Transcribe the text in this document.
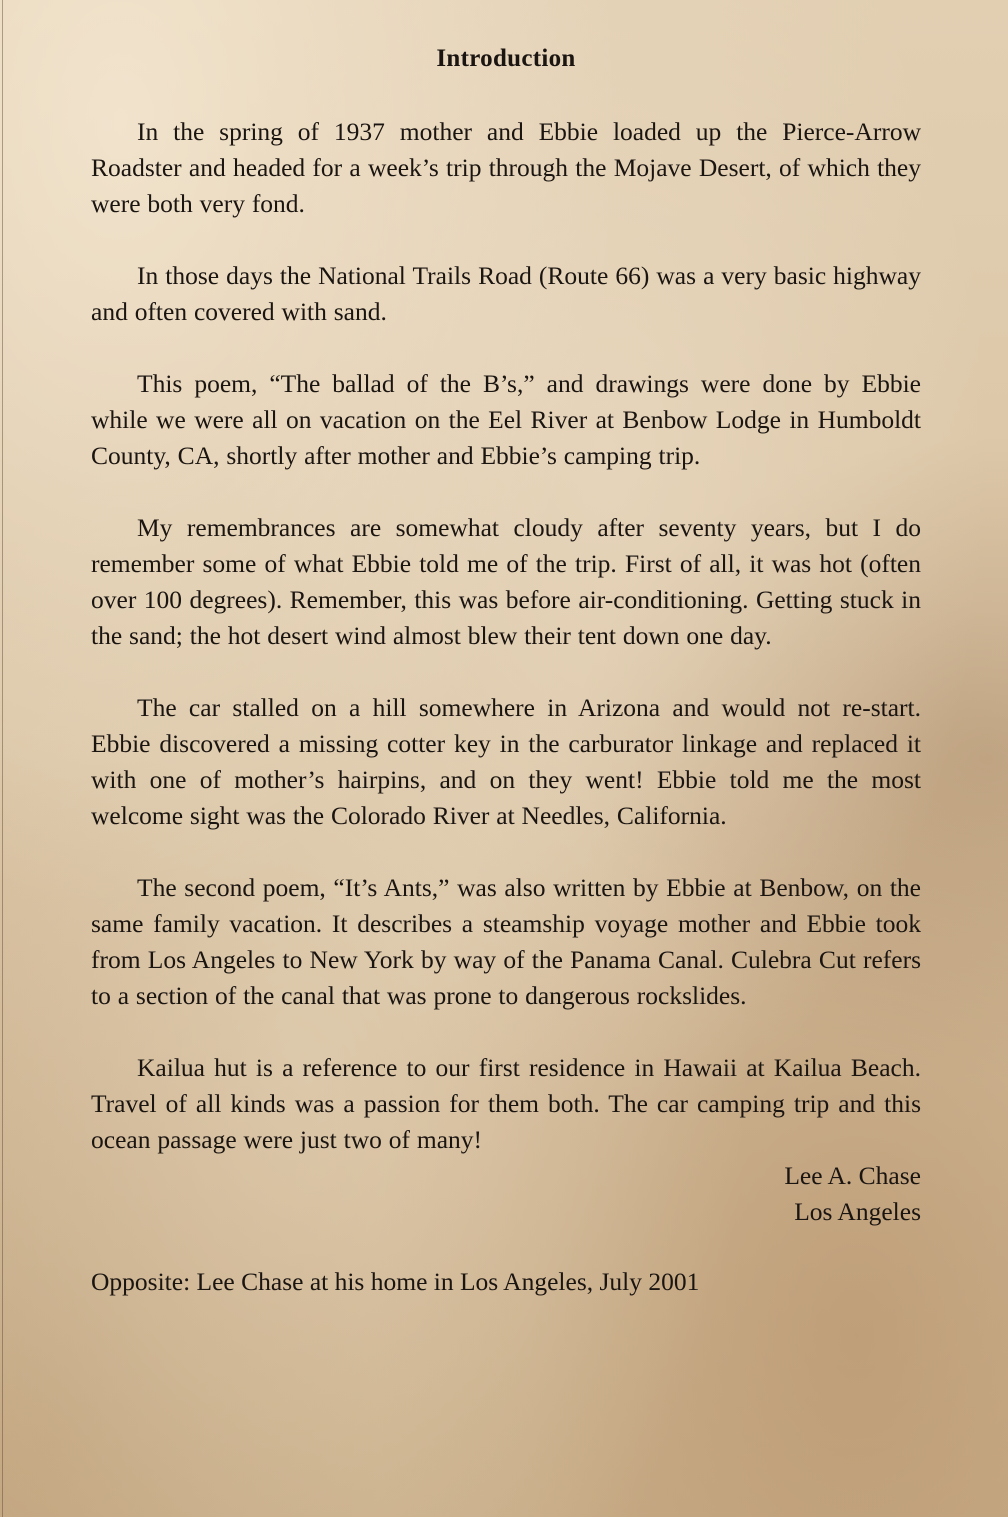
Introduction

In the spring of 1937 mother and Ebbie loaded up the Pierce-Arrow Roadster and headed for a week’s trip through the Mojave Desert, of which they were both very fond.

In those days the National Trails Road (Route 66) was a very basic highway and often covered with sand.

This poem, “The ballad of the B’s,” and drawings were done by Ebbie while we were all on vacation on the Eel River at Benbow Lodge in Humboldt County, CA, shortly after mother and Ebbie’s camping trip.

My remembrances are somewhat cloudy after seventy years, but I do remember some of what Ebbie told me of the trip. First of all, it was hot (often over 100 degrees). Remember, this was before air-conditioning. Getting stuck in the sand; the hot desert wind almost blew their tent down one day.

The car stalled on a hill somewhere in Arizona and would not re-start. Ebbie discovered a missing cotter key in the carburator linkage and replaced it with one of mother’s hairpins, and on they went! Ebbie told me the most welcome sight was the Colorado River at Needles, California.

The second poem, “It’s Ants,” was also written by Ebbie at Benbow, on the same family vacation. It describes a steamship voyage mother and Ebbie took from Los Angeles to New York by way of the Panama Canal. Culebra Cut refers to a section of the canal that was prone to dangerous rockslides.

Kailua hut is a reference to our first residence in Hawaii at Kailua Beach. Travel of all kinds was a passion for them both. The car camping trip and this ocean passage were just two of many!

Lee A. Chase
Los Angeles
Opposite: Lee Chase at his home in Los Angeles, July 2001
